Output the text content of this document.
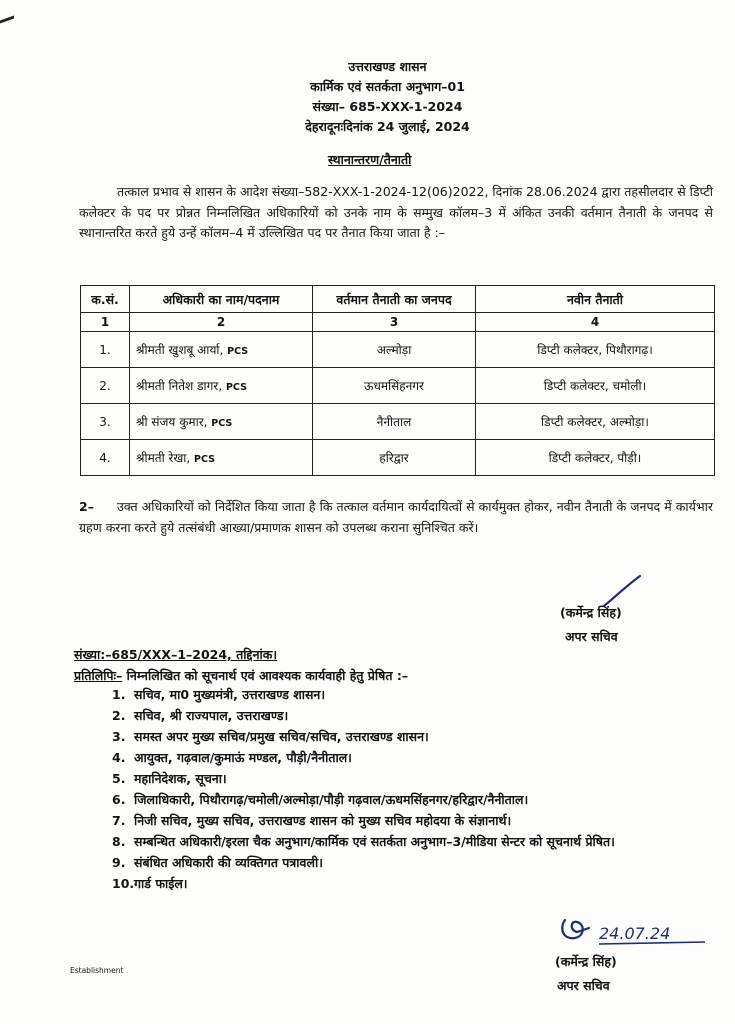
उत्तराखण्ड शासन
कार्मिक एवं सतर्कता अनुभाग–01
संख्या– 685-XXX-1-2024
देहरादूनःदिनांक 24 जुलाई, 2024
स्थानान्तरण/तैनाती
तत्काल प्रभाव से शासन के आदेश संख्या–582-XXX-1-2024-12(06)2022, दिनांक 28.06.2024 द्वारा तहसीलदार से डिप्टी कलेक्टर के पद पर प्रोन्नत निम्नलिखित अधिकारियों को उनके नाम के सम्मुख कॉलम–3 में अंकित उनकी वर्तमान तैनाती के जनपद से स्थानान्तरित करते हुये उन्हें कॉलम–4 में उल्लिखित पद पर तैनात किया जाता है :–
क.सं.	अधिकारी का नाम/पदनाम	वर्तमान तैनाती का जनपद	नवीन तैनाती
1	2	3	4
1.	श्रीमती खुशबू आर्या, PCS	अल्मोड़ा	डिप्टी कलेक्टर, पिथौरागढ़।
2.	श्रीमती नितेश डागर, PCS	ऊधमसिंहनगर	डिप्टी कलेक्टर, चमोली।
3.	श्री संजय कुमार, PCS	नैनीताल	डिप्टी कलेक्टर, अल्मोड़ा।
4.	श्रीमती रेखा, PCS	हरिद्वार	डिप्टी कलेक्टर, पौड़ी।
2– उक्त अधिकारियों को निर्देशित किया जाता है कि तत्काल वर्तमान कार्यदायित्वों से कार्यमुक्त होकर, नवीन तैनाती के जनपद में कार्यभार ग्रहण करना करते हुये तत्संबंधी आख्या/प्रमाणक शासन को उपलब्ध कराना सुनिश्चित करें।
(कर्मेन्द्र सिंह)
अपर सचिव
संख्या:–685/XXX–1–2024, तद्दिनांक।
प्रतिलिपिः– निम्नलिखित को सूचनार्थ एवं आवश्यक कार्यवाही हेतु प्रेषित :–
1. सचिव, मा0 मुख्यमंत्री, उत्तराखण्ड शासन।
2. सचिव, श्री राज्यपाल, उत्तराखण्ड।
3. समस्त अपर मुख्य सचिव/प्रमुख सचिव/सचिव, उत्तराखण्ड शासन।
4. आयुक्त, गढ़वाल/कुमाऊं मण्डल, पौड़ी/नैनीताल।
5. महानिदेशक, सूचना।
6. जिलाधिकारी, पिथौरागढ़/चमोली/अल्मोड़ा/पौड़ी गढ़वाल/ऊधमसिंहनगर/हरिद्वार/नैनीताल।
7. निजी सचिव, मुख्य सचिव, उत्तराखण्ड शासन को मुख्य सचिव महोदया के संज्ञानार्थ।
8. सम्बन्धित अधिकारी/इरला चैक अनुभाग/कार्मिक एवं सतर्कता अनुभाग–3/मीडिया सेन्टर को सूचनार्थ प्रेषित।
9. संबंधित अधिकारी की व्यक्तिगत पत्रावली।
10. गार्ड फाईल।
Establishment
24.07.24
(कर्मेन्द्र सिंह)
अपर सचिव
